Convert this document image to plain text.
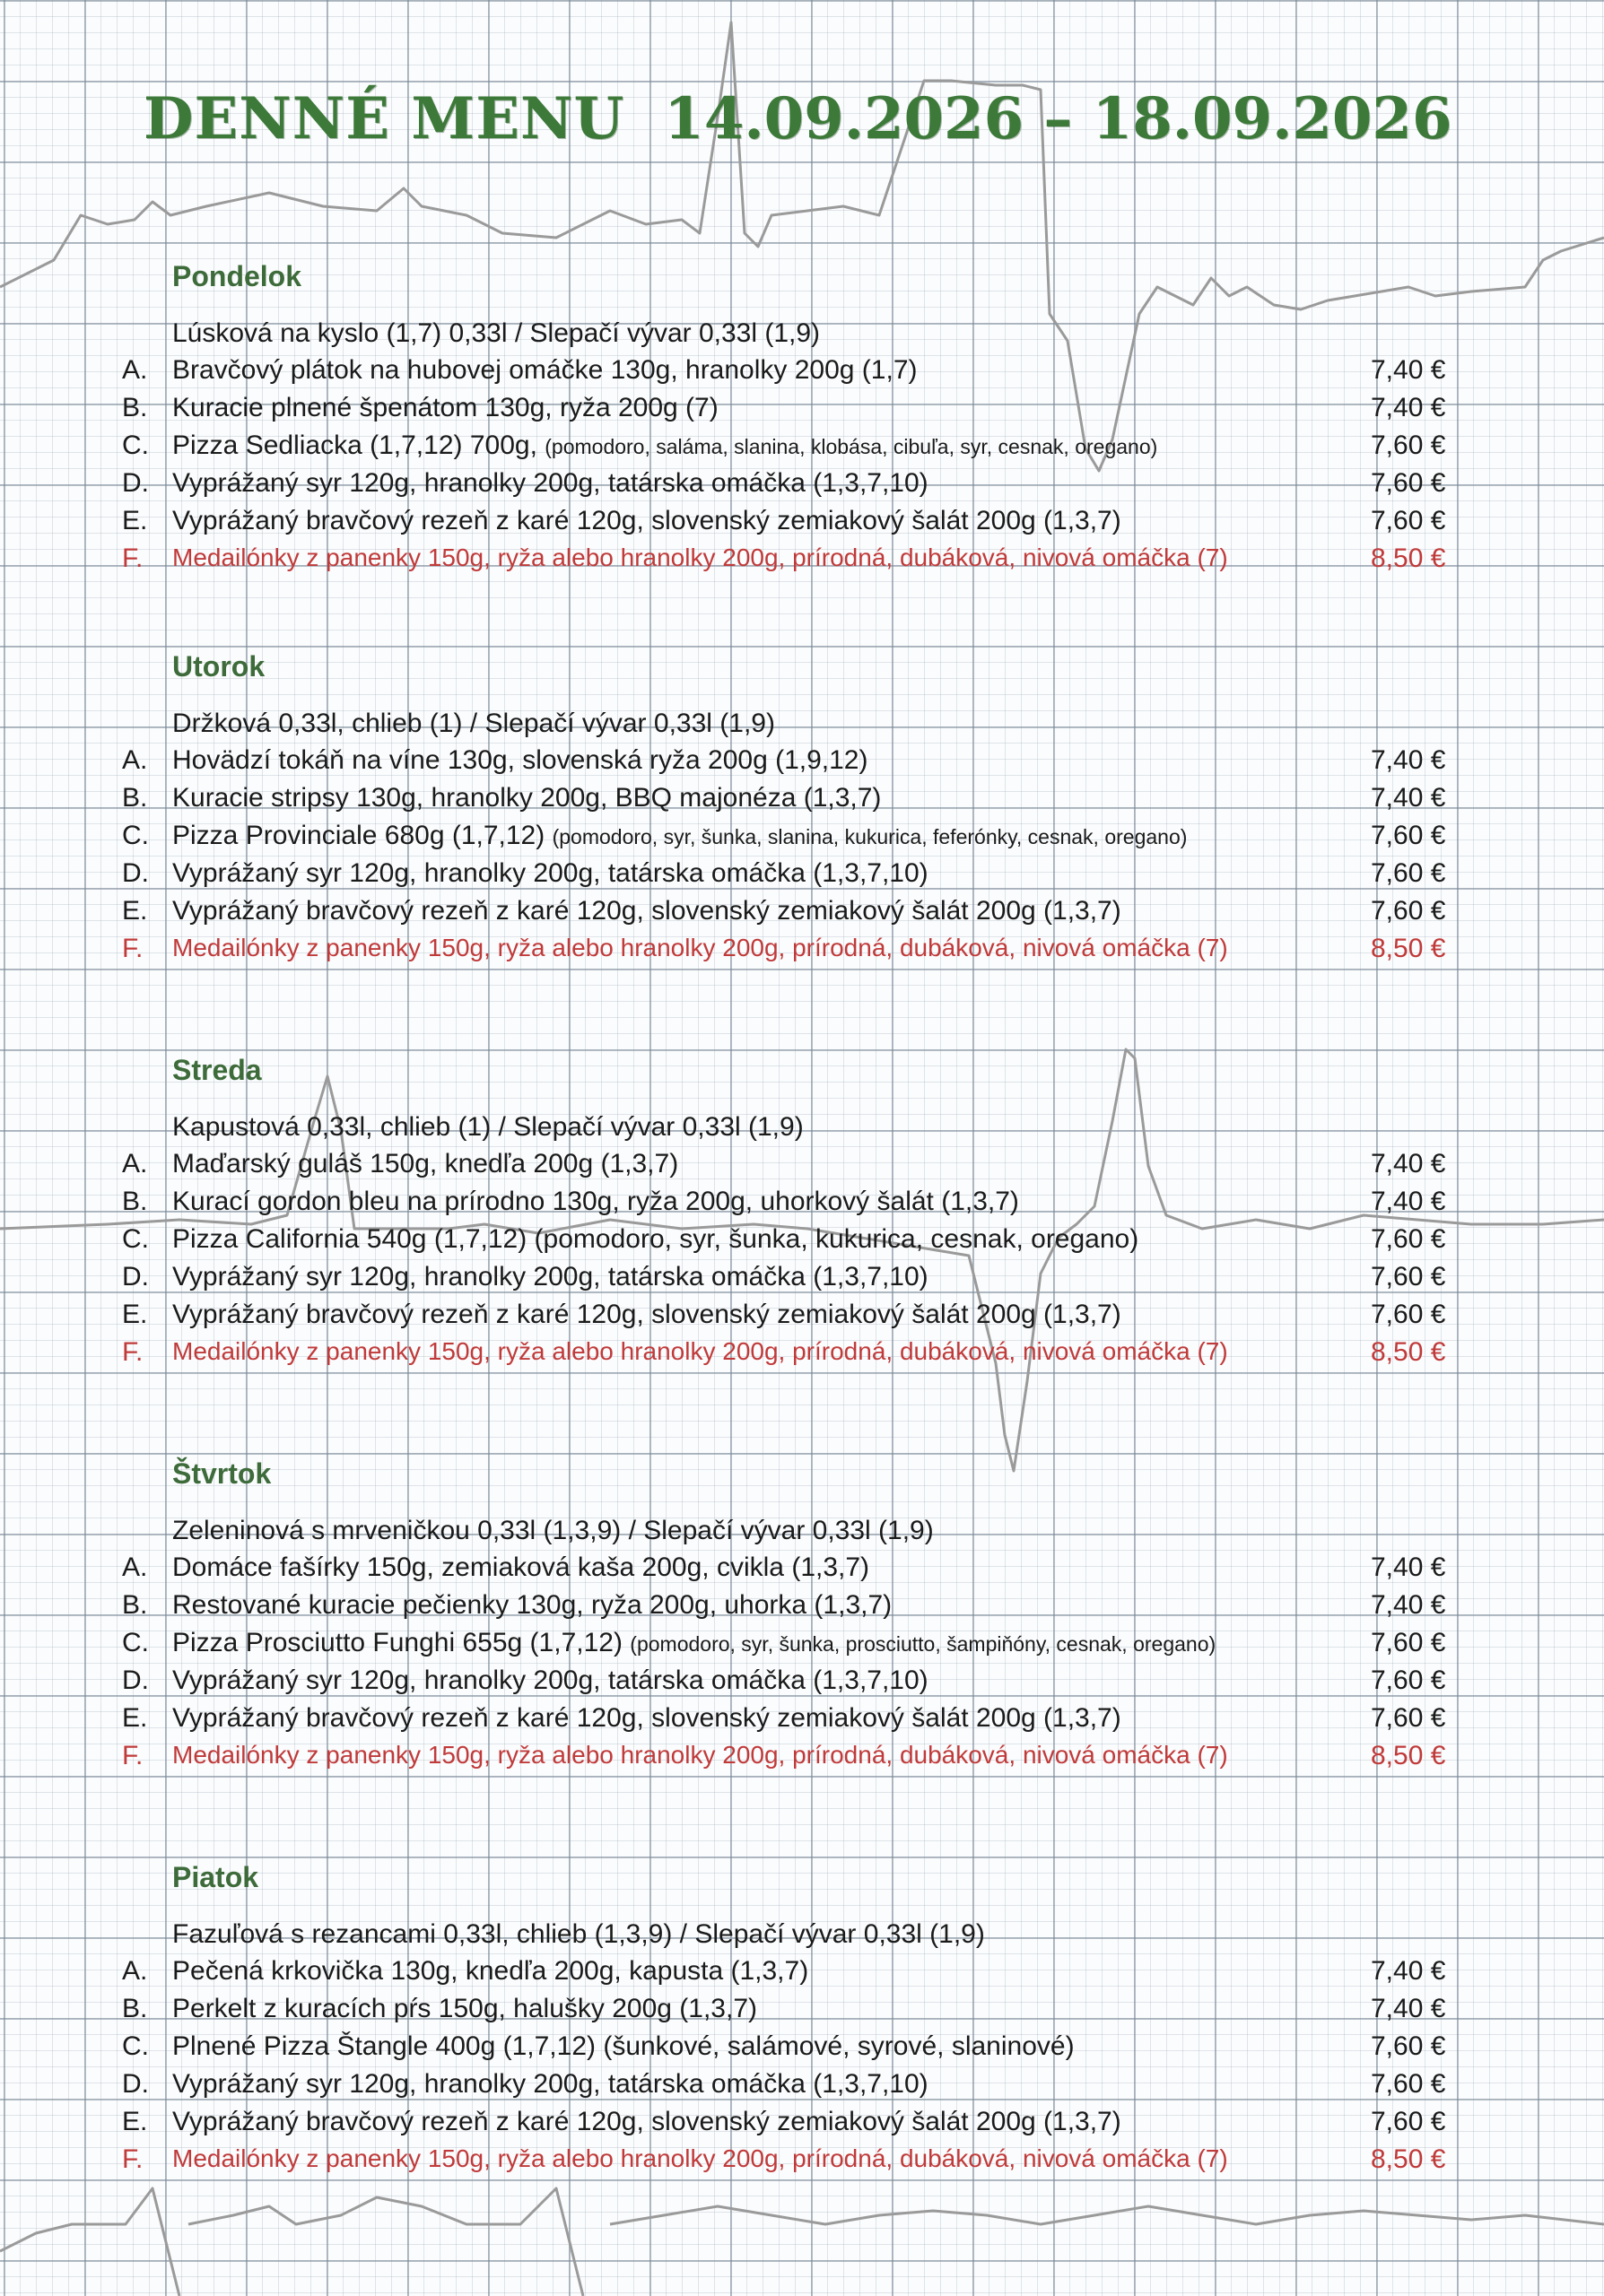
DENNÉ MENU 14.09.2026 – 18.09.2026
Pondelok
Lúsková na kyslo (1,7) 0,33l / Slepačí vývar 0,33l (1,9)
A. Bravčový plátok na hubovej omáčke 130g, hranolky 200g (1,7)	7,40 €
B. Kuracie plnené špenátom 130g, ryža 200g (7)	7,40 €
C. Pizza Sedliacka (1,7,12) 700g, (pomodoro, saláma, slanina, klobása, cibuľa, syr, cesnak, oregano)	7,60 €
D. Vyprážaný syr 120g, hranolky 200g, tatárska omáčka (1,3,7,10)	7,60 €
E. Vyprážaný bravčový rezeň z karé 120g, slovenský zemiakový šalát 200g (1,3,7)	7,60 €
F. Medailónky z panenky 150g, ryža alebo hranolky 200g, prírodná, dubáková, nivová omáčka (7)	8,50 €
Utorok
Držková 0,33l, chlieb (1) / Slepačí vývar 0,33l (1,9)
A. Hovädzí tokáň na víne 130g, slovenská ryža 200g (1,9,12)	7,40 €
B. Kuracie stripsy 130g, hranolky 200g, BBQ majonéza (1,3,7)	7,40 €
C. Pizza Provinciale 680g (1,7,12) (pomodoro, syr, šunka, slanina, kukurica, feferónky, cesnak, oregano)	7,60 €
D. Vyprážaný syr 120g, hranolky 200g, tatárska omáčka (1,3,7,10)	7,60 €
E. Vyprážaný bravčový rezeň z karé 120g, slovenský zemiakový šalát 200g (1,3,7)	7,60 €
F. Medailónky z panenky 150g, ryža alebo hranolky 200g, prírodná, dubáková, nivová omáčka (7)	8,50 €
Streda
Kapustová 0,33l, chlieb (1) / Slepačí vývar 0,33l (1,9)
A. Maďarský guláš 150g, knedľa 200g (1,3,7)	7,40 €
B. Kurací gordon bleu na prírodno 130g, ryža 200g, uhorkový šalát (1,3,7)	7,40 €
C. Pizza California 540g (1,7,12) (pomodoro, syr, šunka, kukurica, cesnak, oregano)	7,60 €
D. Vyprážaný syr 120g, hranolky 200g, tatárska omáčka (1,3,7,10)	7,60 €
E. Vyprážaný bravčový rezeň z karé 120g, slovenský zemiakový šalát 200g (1,3,7)	7,60 €
F. Medailónky z panenky 150g, ryža alebo hranolky 200g, prírodná, dubáková, nivová omáčka (7)	8,50 €
Štvrtok
Zeleninová s mrveničkou 0,33l (1,3,9) / Slepačí vývar 0,33l (1,9)
A. Domáce fašírky 150g, zemiaková kaša 200g, cvikla (1,3,7)	7,40 €
B. Restované kuracie pečienky 130g, ryža 200g, uhorka (1,3,7)	7,40 €
C. Pizza Prosciutto Funghi 655g (1,7,12) (pomodoro, syr, šunka, prosciutto, šampiňóny, cesnak, oregano)	7,60 €
D. Vyprážaný syr 120g, hranolky 200g, tatárska omáčka (1,3,7,10)	7,60 €
E. Vyprážaný bravčový rezeň z karé 120g, slovenský zemiakový šalát 200g (1,3,7)	7,60 €
F. Medailónky z panenky 150g, ryža alebo hranolky 200g, prírodná, dubáková, nivová omáčka (7)	8,50 €
Piatok
Fazuľová s rezancami 0,33l, chlieb (1,3,9) / Slepačí vývar 0,33l (1,9)
A. Pečená krkovička 130g, knedľa 200g, kapusta (1,3,7)	7,40 €
B. Perkelt z kuracích pŕs 150g, halušky 200g (1,3,7)	7,40 €
C. Plnené Pizza Štangle 400g (1,7,12) (šunkové, salámové, syrové, slaninové)	7,60 €
D. Vyprážaný syr 120g, hranolky 200g, tatárska omáčka (1,3,7,10)	7,60 €
E. Vyprážaný bravčový rezeň z karé 120g, slovenský zemiakový šalát 200g (1,3,7)	7,60 €
F. Medailónky z panenky 150g, ryža alebo hranolky 200g, prírodná, dubáková, nivová omáčka (7)	8,50 €
